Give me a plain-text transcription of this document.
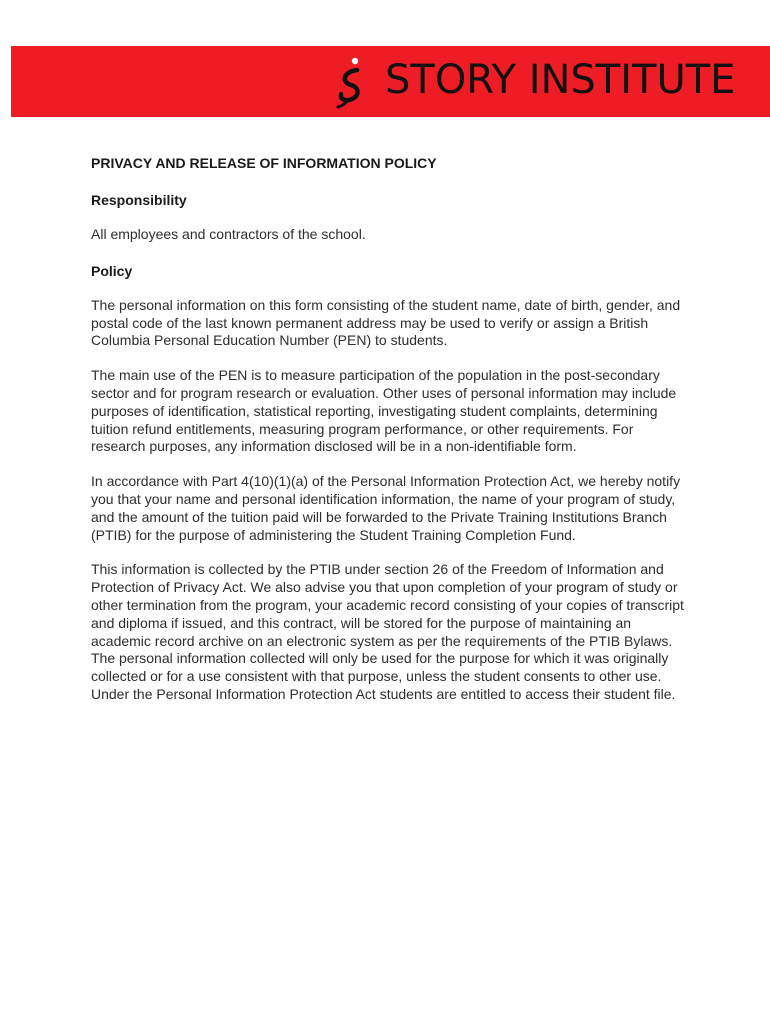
STORY INSTITUTE
PRIVACY AND RELEASE OF INFORMATION POLICY
Responsibility
All employees and contractors of the school.
Policy

The personal information on this form consisting of the student name, date of birth, gender, and postal code of the last known permanent address may be used to verify or assign a British Columbia Personal Education Number (PEN) to students.

The main use of the PEN is to measure participation of the population in the post-secondary sector and for program research or evaluation. Other uses of personal information may include purposes of identification, statistical reporting, investigating student complaints, determining tuition refund entitlements, measuring program performance, or other requirements. For research purposes, any information disclosed will be in a non-identifiable form.

In accordance with Part 4(10)(1)(a) of the Personal Information Protection Act, we hereby notify you that your name and personal identification information, the name of your program of study, and the amount of the tuition paid will be forwarded to the Private Training Institutions Branch (PTIB) for the purpose of administering the Student Training Completion Fund.

This information is collected by the PTIB under section 26 of the Freedom of Information and Protection of Privacy Act. We also advise you that upon completion of your program of study or other termination from the program, your academic record consisting of your copies of transcript and diploma if issued, and this contract, will be stored for the purpose of maintaining an academic record archive on an electronic system as per the requirements of the PTIB Bylaws. The personal information collected will only be used for the purpose for which it was originally collected or for a use consistent with that purpose, unless the student consents to other use. Under the Personal Information Protection Act students are entitled to access their student file.
